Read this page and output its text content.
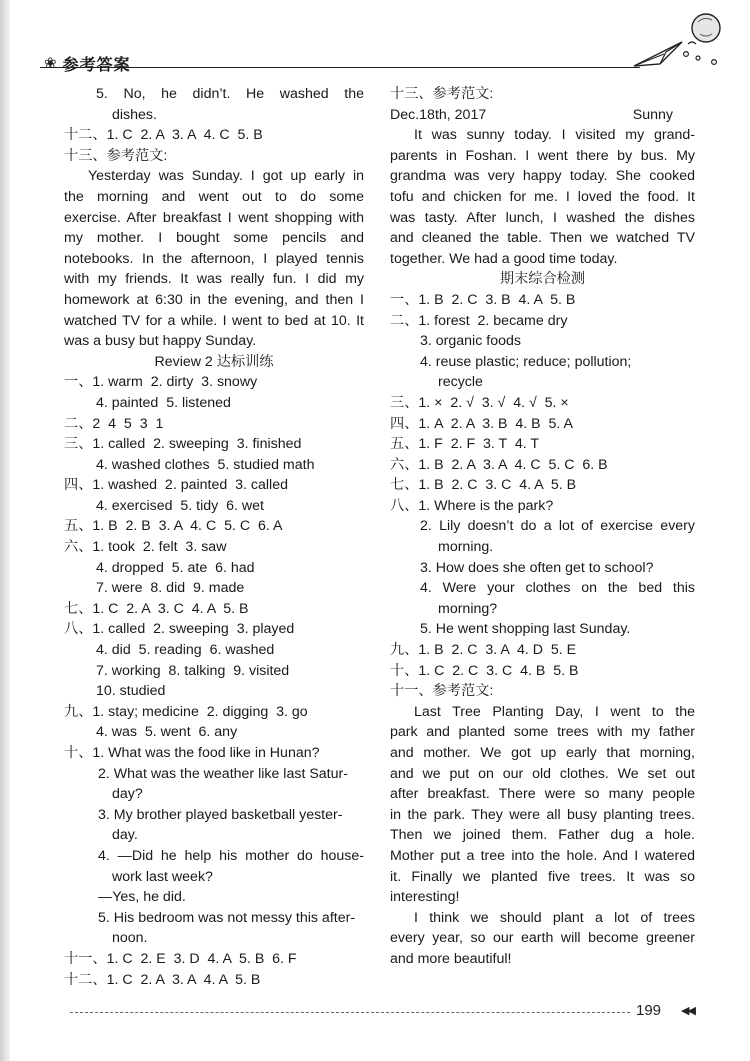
❀ 参考答案
5. No, he didn’t. He washed the
dishes.
十二、1. C  2. A  3. A  4. C  5. B
十三、参考范文:
Yesterday was Sunday. I got up early in
the morning and went out to do some
exercise. After breakfast I went shopping with
my mother. I bought some pencils and
notebooks. In the afternoon, I played tennis
with my friends. It was really fun. I did my
homework at 6:30 in the evening, and then I
watched TV for a while. I went to bed at 10. It
was a busy but happy Sunday.
Review 2 达标训练
一、1. warm  2. dirty  3. snowy
4. painted  5. listened
二、2  4  5  3  1
三、1. called  2. sweeping  3. finished
4. washed clothes  5. studied math
四、1. washed  2. painted  3. called
4. exercised  5. tidy  6. wet
五、1. B  2. B  3. A  4. C  5. C  6. A
六、1. took  2. felt  3. saw
4. dropped  5. ate  6. had
7. were  8. did  9. made
七、1. C  2. A  3. C  4. A  5. B
八、1. called  2. sweeping  3. played
4. did  5. reading  6. washed
7. working  8. talking  9. visited
10. studied
九、1. stay; medicine  2. digging  3. go
4. was  5. went  6. any
十、1. What was the food like in Hunan?
2. What was the weather like last Satur-
day?
3. My brother played basketball yester-
day.
4. —Did he help his mother do house-
work last week?
—Yes, he did.
5. His bedroom was not messy this after-
noon.
十一、1. C  2. E  3. D  4. A  5. B  6. F
十二、1. C  2. A  3. A  4. A  5. B
十三、参考范文:
Dec.18th, 2017	Sunny
It was sunny today. I visited my grand-
parents in Foshan. I went there by bus. My
grandma was very happy today. She cooked
tofu and chicken for me. I loved the food. It
was tasty. After lunch, I washed the dishes
and cleaned the table. Then we watched TV
together. We had a good time today.
期末综合检测
一、1. B  2. C  3. B  4. A  5. B
二、1. forest  2. became dry
3. organic foods
4. reuse plastic; reduce; pollution;
recycle
三、1. ×  2. √  3. √  4. √  5. ×
四、1. A  2. A  3. B  4. B  5. A
五、1. F  2. F  3. T  4. T
六、1. B  2. A  3. A  4. C  5. C  6. B
七、1. B  2. C  3. C  4. A  5. B
八、1. Where is the park?
2. Lily doesn’t do a lot of exercise every
morning.
3. How does she often get to school?
4. Were your clothes on the bed this
morning?
5. He went shopping last Sunday.
九、1. B  2. C  3. A  4. D  5. E
十、1. C  2. C  3. C  4. B  5. B
十一、参考范文:
Last Tree Planting Day, I went to the
park and planted some trees with my father
and mother. We got up early that morning,
and we put on our old clothes. We set out
after breakfast. There were so many people
in the park. They were all busy planting trees.
Then we joined them. Father dug a hole.
Mother put a tree into the hole. And I watered
it. Finally we planted five trees. It was so
interesting!
I think we should plant a lot of trees
every year, so our earth will become greener
and more beautiful!
199 ◀◀
